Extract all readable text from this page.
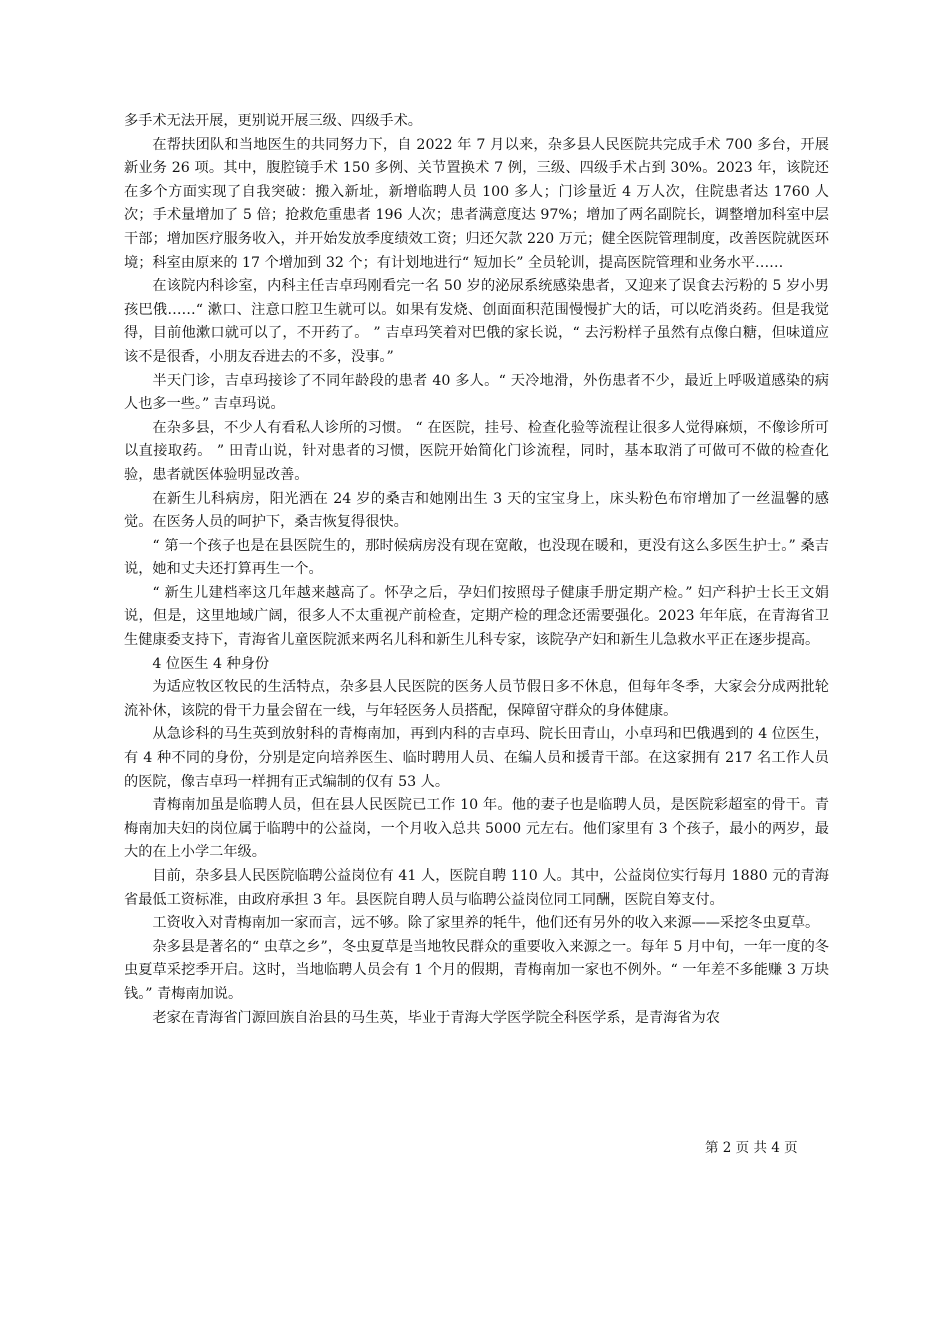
多手术无法开展，更别说开展三级、四级手术。

在帮扶团队和当地医生的共同努力下，自 2022 年 7 月以来，杂多县人民医院共完成手术 700 多台，开展新业务 26 项。其中，腹腔镜手术 150 多例、关节置换术 7 例，三级、四级手术占到 30%。2023 年，该院还在多个方面实现了自我突破：搬入新址，新增临聘人员 100 多人；门诊量近 4 万人次，住院患者达 1760 人次；手术量增加了 5 倍；抢救危重患者 196 人次；患者满意度达 97%；增加了两名副院长，调整增加科室中层干部；增加医疗服务收入，并开始发放季度绩效工资；归还欠款 220 万元；健全医院管理制度，改善医院就医环境；科室由原来的 17 个增加到 32 个；有计划地进行“ 短加长” 全员轮训，提高医院管理和业务水平……

在该院内科诊室，内科主任吉卓玛刚看完一名 50 岁的泌尿系统感染患者，又迎来了误食去污粉的 5 岁小男孩巴俄……“ 漱口、注意口腔卫生就可以。如果有发烧、创面面积范围慢慢扩大的话，可以吃消炎药。但是我觉得，目前他漱口就可以了，不开药了。 ” 吉卓玛笑着对巴俄的家长说，“ 去污粉样子虽然有点像白糖，但味道应该不是很香，小朋友吞进去的不多，没事。”

半天门诊，吉卓玛接诊了不同年龄段的患者 40 多人。“ 天冷地滑，外伤患者不少，最近上呼吸道感染的病人也多一些。” 吉卓玛说。

在杂多县，不少人有看私人诊所的习惯。 “ 在医院，挂号、检查化验等流程让很多人觉得麻烦，不像诊所可以直接取药。 ” 田青山说，针对患者的习惯，医院开始简化门诊流程，同时，基本取消了可做可不做的检查化验，患者就医体验明显改善。

在新生儿科病房，阳光洒在 24 岁的桑吉和她刚出生 3 天的宝宝身上，床头粉色布帘增加了一丝温馨的感觉。在医务人员的呵护下，桑吉恢复得很快。

“ 第一个孩子也是在县医院生的，那时候病房没有现在宽敞，也没现在暖和，更没有这么多医生护士。” 桑吉说，她和丈夫还打算再生一个。

“ 新生儿建档率这几年越来越高了。怀孕之后，孕妇们按照母子健康手册定期产检。” 妇产科护士长王文娟说，但是，这里地域广阔，很多人不太重视产前检查，定期产检的理念还需要强化。2023 年年底，在青海省卫生健康委支持下，青海省儿童医院派来两名儿科和新生儿科专家，该院孕产妇和新生儿急救水平正在逐步提高。

4 位医生 4 种身份

为适应牧区牧民的生活特点，杂多县人民医院的医务人员节假日多不休息，但每年冬季，大家会分成两批轮流补休，该院的骨干力量会留在一线，与年轻医务人员搭配，保障留守群众的身体健康。

从急诊科的马生英到放射科的青梅南加，再到内科的吉卓玛、院长田青山，小卓玛和巴俄遇到的 4 位医生，有 4 种不同的身份，分别是定向培养医生、临时聘用人员、在编人员和援青干部。在这家拥有 217 名工作人员的医院，像吉卓玛一样拥有正式编制的仅有 53 人。

青梅南加虽是临聘人员，但在县人民医院已工作 10 年。他的妻子也是临聘人员，是医院彩超室的骨干。青梅南加夫妇的岗位属于临聘中的公益岗，一个月收入总共 5000 元左右。他们家里有 3 个孩子，最小的两岁，最大的在上小学二年级。

目前，杂多县人民医院临聘公益岗位有 41 人，医院自聘 110 人。其中，公益岗位实行每月 1880 元的青海省最低工资标准，由政府承担 3 年。县医院自聘人员与临聘公益岗位同工同酬，医院自筹支付。

工资收入对青梅南加一家而言，远不够。除了家里养的牦牛，他们还有另外的收入来源——采挖冬虫夏草。

杂多县是著名的“ 虫草之乡”，冬虫夏草是当地牧民群众的重要收入来源之一。每年 5 月中旬，一年一度的冬虫夏草采挖季开启。这时，当地临聘人员会有 1 个月的假期，青梅南加一家也不例外。“ 一年差不多能赚 3 万块钱。” 青梅南加说。

老家在青海省门源回族自治县的马生英，毕业于青海大学医学院全科医学系，是青海省为农

第 2 页 共 4 页
